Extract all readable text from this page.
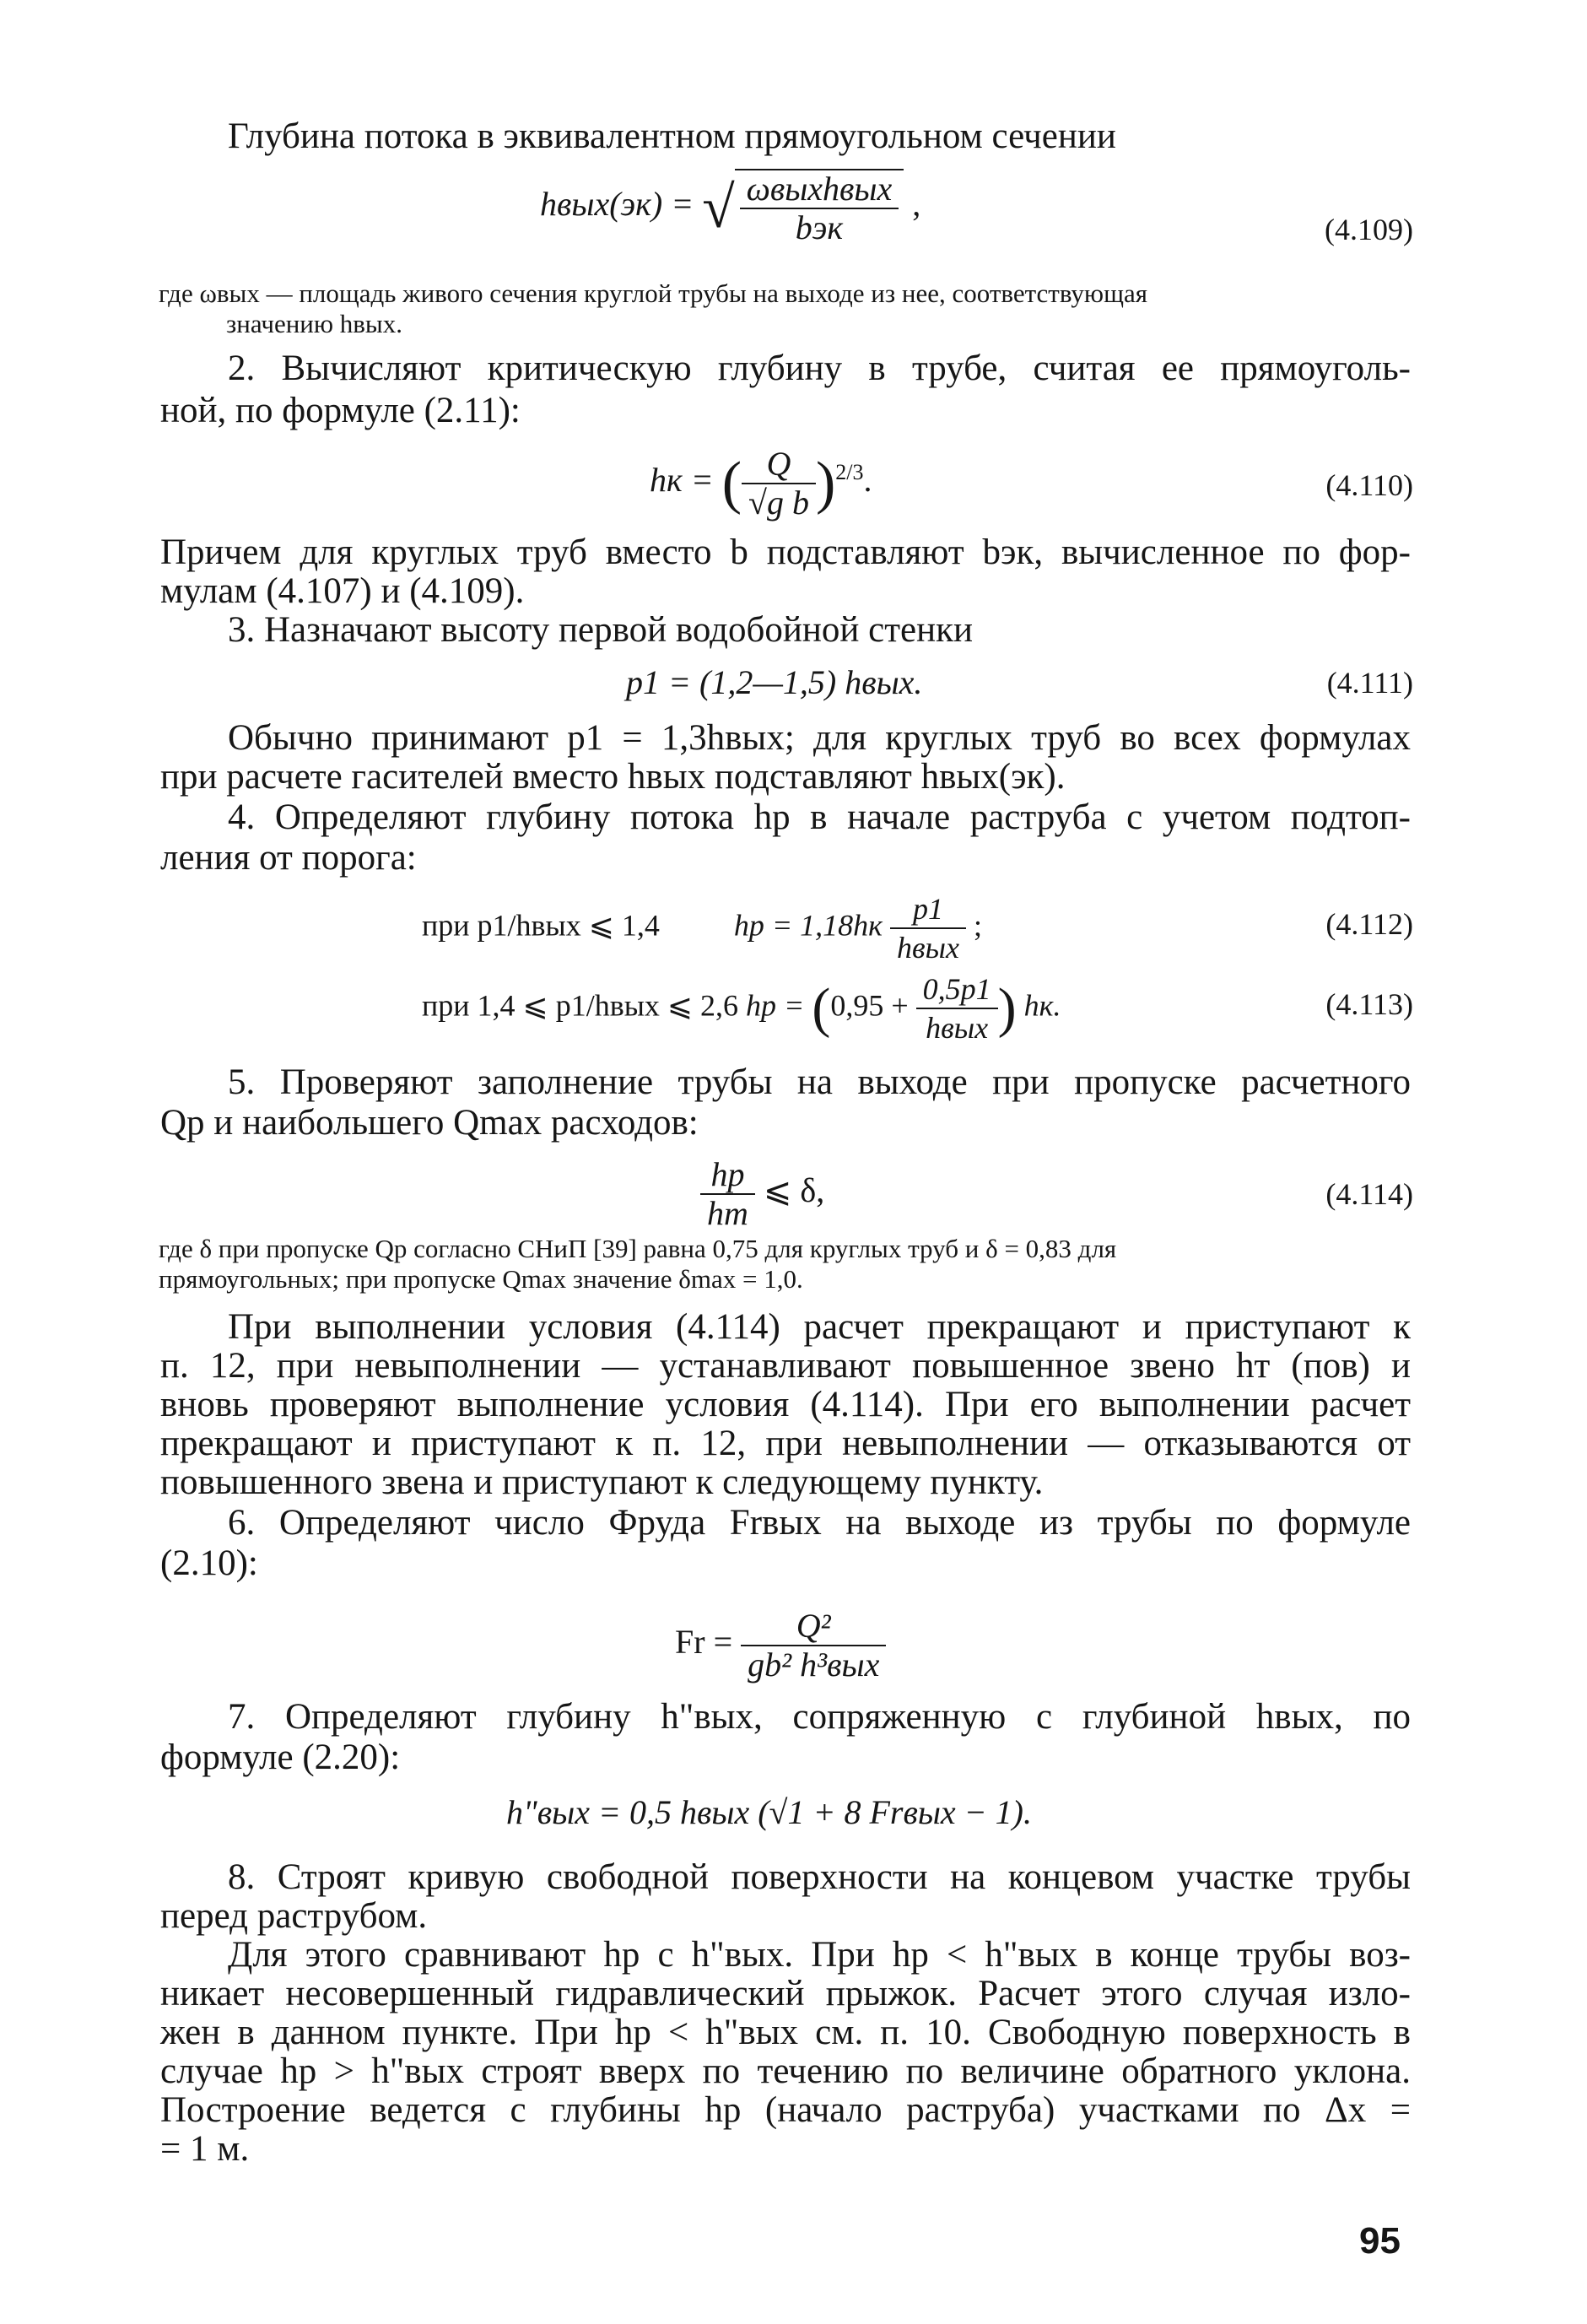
Глубина потока в эквивалентном прямоугольном сечении
hвых(эк) = √ $\frac{\text{ωвыхhвых}}{\text{bэк}}$ ,
(4.109)
где ωвых — площадь живого сечения круглой трубы на выходе из нее, соответствующая
значению hвых.
2. Вычисляют критическую глубину в трубе, считая ее прямоуголь-
ной, по формуле (2.11):
hк = ( $\frac{Q}{\text{√g b}} )^{2/3}$.	(4.110)
Причем для круглых труб вместо b подставляют bэк, вычисленное по фор-
мулам (4.107) и (4.109).
3. Назначают высоту первой водобойной стенки
p1 = (1,2—1,5) hвых.	(4.111)
Обычно принимают p1 = 1,3hвых; для круглых труб во всех формулах
при расчете гасителей вместо hвых подставляют hвых(эк).
4. Определяют глубину потока hр в начале раструба с учетом подтоп-
ления от порога:
при p1/hвых ⩽ 1,4 hр = $1,18hк \frac{p1}{\text{hвых}}$ ;	(4.112)
при 1,4 ⩽ p1/hвых ⩽ 2,6 hр = ($0,95 + \frac{0,5p1}{\text{hвых}}$ ) hк.	(4.113)
5. Проверяют заполнение трубы на выходе при пропуске расчетного
Qр и наибольшего Qmax расходов:
$\frac{hр}{hт}$ ⩽ δ,	(4.114)
где δ при пропуске Qр согласно СНиП [39] равна 0,75 для круглых труб и δ = 0,83 для
прямоугольных; при пропуске Qmax значение δmax = 1,0.
При выполнении условия (4.114) расчет прекращают и приступают к
п. 12, при невыполнении — устанавливают повышенное звено hт (пов) и
вновь проверяют выполнение условия (4.114). При его выполнении расчет
прекращают и приступают к п. 12, при невыполнении — отказываются от
повышенного звена и приступают к следующему пункту.
6. Определяют число Фруда Frвых на выходе из трубы по формуле
(2.10):
$Fr = \frac{\text{Q²}}{\text{gb² h³вых}}$
7. Определяют глубину h"вых, сопряженную с глубиной hвых, по
формуле (2.20):
h"вых = 0,5 hвых (√1 + 8 Frвых − 1).
8. Строят кривую свободной поверхности на концевом участке трубы
перед раструбом.
Для этого сравнивают hр с h"вых. При hр < h"вых в конце трубы воз-
никает несовершенный гидравлический прыжок. Расчет этого случая изло-
жен в данном пункте. При hр < h"вых см. п. 10. Свободную поверхность в
случае hр > h"вых строят вверх по течению по величине обратного уклона.
Построение ведется с глубины hр (начало раструба) участками по Δx =
= 1 м.
95
